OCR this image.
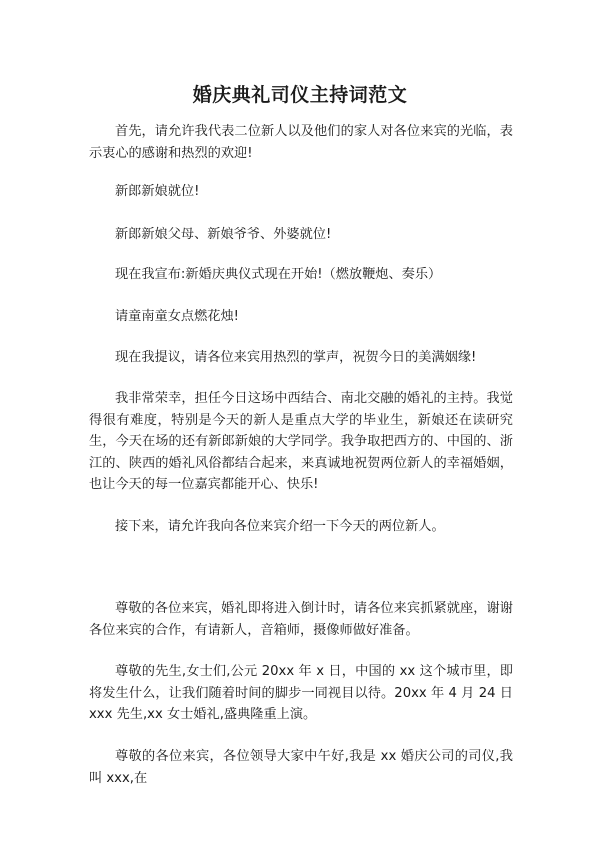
婚庆典礼司仪主持词范文

首先，请允许我代表二位新人以及他们的家人对各位来宾的光临，表示衷心的感谢和热烈的欢迎!

新郎新娘就位!

新郎新娘父母、新娘爷爷、外婆就位!

现在我宣布:新婚庆典仪式现在开始!（燃放鞭炮、奏乐）

请童南童女点燃花烛!

现在我提议，请各位来宾用热烈的掌声，祝贺今日的美满姻缘!

我非常荣幸，担任今日这场中西结合、南北交融的婚礼的主持。我觉得很有难度，特别是今天的新人是重点大学的毕业生，新娘还在读研究生，今天在场的还有新郎新娘的大学同学。我争取把西方的、中国的、浙江的、陕西的婚礼风俗都结合起来，来真诚地祝贺两位新人的幸福婚姻，也让今天的每一位嘉宾都能开心、快乐!

接下来，请允许我向各位来宾介绍一下今天的两位新人。

尊敬的各位来宾，婚礼即将进入倒计时，请各位来宾抓紧就座，谢谢各位来宾的合作，有请新人，音箱师，摄像师做好准备。

尊敬的先生,女士们,公元 20xx 年 x 日，中国的 xx 这个城市里，即将发生什么，让我们随着时间的脚步一同视目以待。20xx 年 4 月 24 日 xxx 先生,xx 女士婚礼,盛典隆重上演。

尊敬的各位来宾，各位领导大家中午好,我是 xx 婚庆公司的司仪,我叫 xxx,在
